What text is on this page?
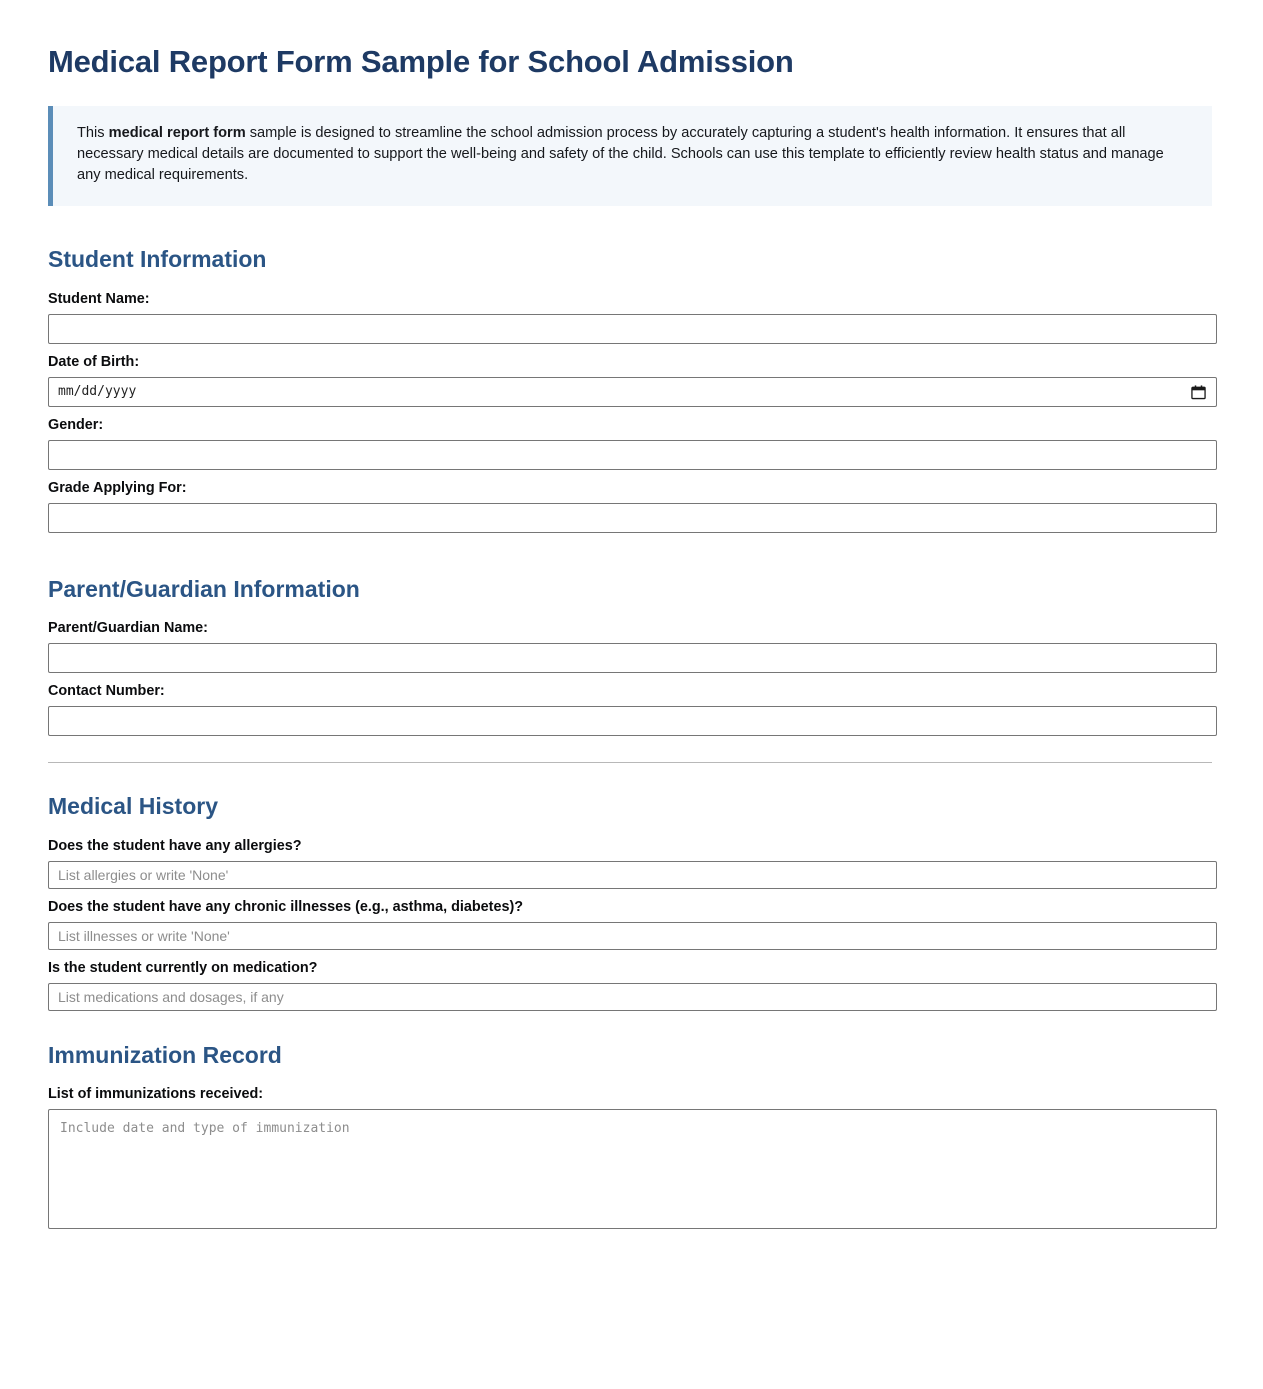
Medical Report Form Sample for School Admission

This medical report form sample is designed to streamline the school admission process by accurately capturing a student's health information. It ensures that all necessary medical details are documented to support the well-being and safety of the child. Schools can use this template to efficiently review health status and manage any medical requirements.

Student Information
Student Name:
Date of Birth:
mm/dd/yyyy
Gender:
Grade Applying For:
Parent/Guardian Information
Parent/Guardian Name:
Contact Number:
Medical History
Does the student have any allergies?
List allergies or write 'None'
Does the student have any chronic illnesses (e.g., asthma, diabetes)?
List illnesses or write 'None'
Is the student currently on medication?
List medications and dosages, if any
Immunization Record
List of immunizations received:
Include date and type of immunization
